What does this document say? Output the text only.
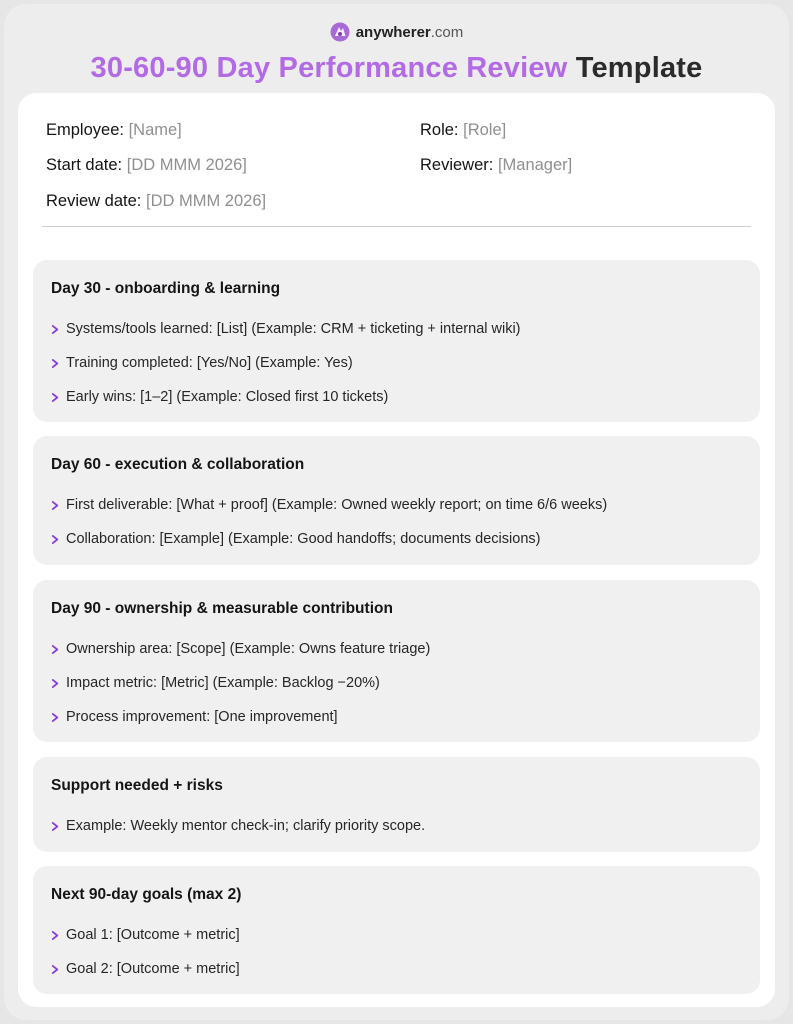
anywherer.com
30-60-90 Day Performance Review Template
Employee: [Name]	Role: [Role]
Start date: [DD MMM 2026]	Reviewer: [Manager]
Review date: [DD MMM 2026]
Day 30 - onboarding & learning
Systems/tools learned: [List] (Example: CRM + ticketing + internal wiki)
Training completed: [Yes/No] (Example: Yes)
Early wins: [1–2] (Example: Closed first 10 tickets)
Day 60 - execution & collaboration
First deliverable: [What + proof] (Example: Owned weekly report; on time 6/6 weeks)
Collaboration: [Example] (Example: Good handoffs; documents decisions)
Day 90 - ownership & measurable contribution
Ownership area: [Scope] (Example: Owns feature triage)
Impact metric: [Metric] (Example: Backlog −20%)
Process improvement: [One improvement]
Support needed + risks
Example: Weekly mentor check-in; clarify priority scope.
Next 90-day goals (max 2)
Goal 1: [Outcome + metric]
Goal 2: [Outcome + metric]
